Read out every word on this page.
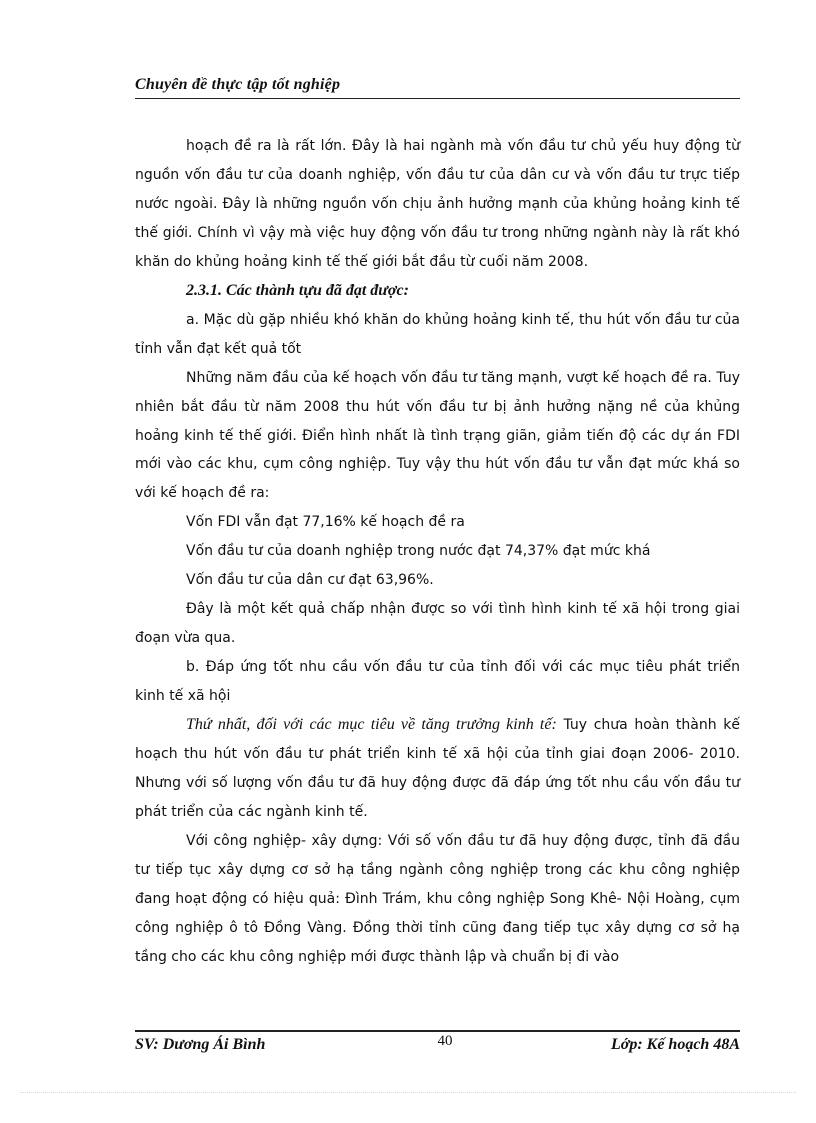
Chuyên đề thực tập tốt nghiệp

hoạch đề ra là rất lớn. Đây là hai ngành mà vốn đầu tư chủ yếu huy động từ nguồn vốn đầu tư của doanh nghiệp, vốn đầu tư của dân cư và vốn đầu tư trực tiếp nước ngoài. Đây là những nguồn vốn chịu ảnh hưởng mạnh của khủng hoảng kinh tế thế giới. Chính vì vậy mà việc huy động vốn đầu tư trong những ngành này là rất khó khăn do khủng hoảng kinh tế thế giới bắt đầu từ cuối năm 2008.

2.3.1. Các thành tựu đã đạt được:

a. Mặc dù gặp nhiều khó khăn do khủng hoảng kinh tế, thu hút vốn đầu tư của tỉnh vẫn đạt kết quả tốt

Những năm đầu của kế hoạch vốn đầu tư tăng mạnh, vượt kế hoạch đề ra. Tuy nhiên bắt đầu từ năm 2008 thu hút vốn đầu tư bị ảnh hưởng nặng nề của khủng hoảng kinh tế thế giới. Điển hình nhất là tình trạng giãn, giảm tiến độ các dự án FDI mới vào các khu, cụm công nghiệp. Tuy vậy thu hút vốn đầu tư vẫn đạt mức khá so với kế hoạch đề ra:

Vốn FDI vẫn đạt 77,16% kế hoạch đề ra

Vốn đầu tư của doanh nghiệp trong nước đạt 74,37% đạt mức khá

Vốn đầu tư của dân cư đạt 63,96%.

Đây là một kết quả chấp nhận được so với tình hình kinh tế xã hội trong giai đoạn vừa qua.

b. Đáp ứng tốt nhu cầu vốn đầu tư của tỉnh đối với các mục tiêu phát triển kinh tế xã hội

Thứ nhất, đối với các mục tiêu về tăng trưởng kinh tế: Tuy chưa hoàn thành kế hoạch thu hút vốn đầu tư phát triển kinh tế xã hội của tỉnh giai đoạn 2006- 2010. Nhưng với số lượng vốn đầu tư đã huy động được đã đáp ứng tốt nhu cầu vốn đầu tư phát triển của các ngành kinh tế.

Với công nghiệp- xây dựng: Với số vốn đầu tư đã huy động được, tỉnh đã đầu tư tiếp tục xây dựng cơ sở hạ tầng ngành công nghiệp trong các khu công nghiệp đang hoạt động có hiệu quả: Đình Trám, khu công nghiệp Song Khê- Nội Hoàng, cụm công nghiệp ô tô Đồng Vàng. Đồng thời tỉnh cũng đang tiếp tục xây dựng cơ sở hạ tầng cho các khu công nghiệp mới được thành lập và chuẩn bị đi vào

SV: Dương Ái Bình	40	Lớp: Kế hoạch 48A
